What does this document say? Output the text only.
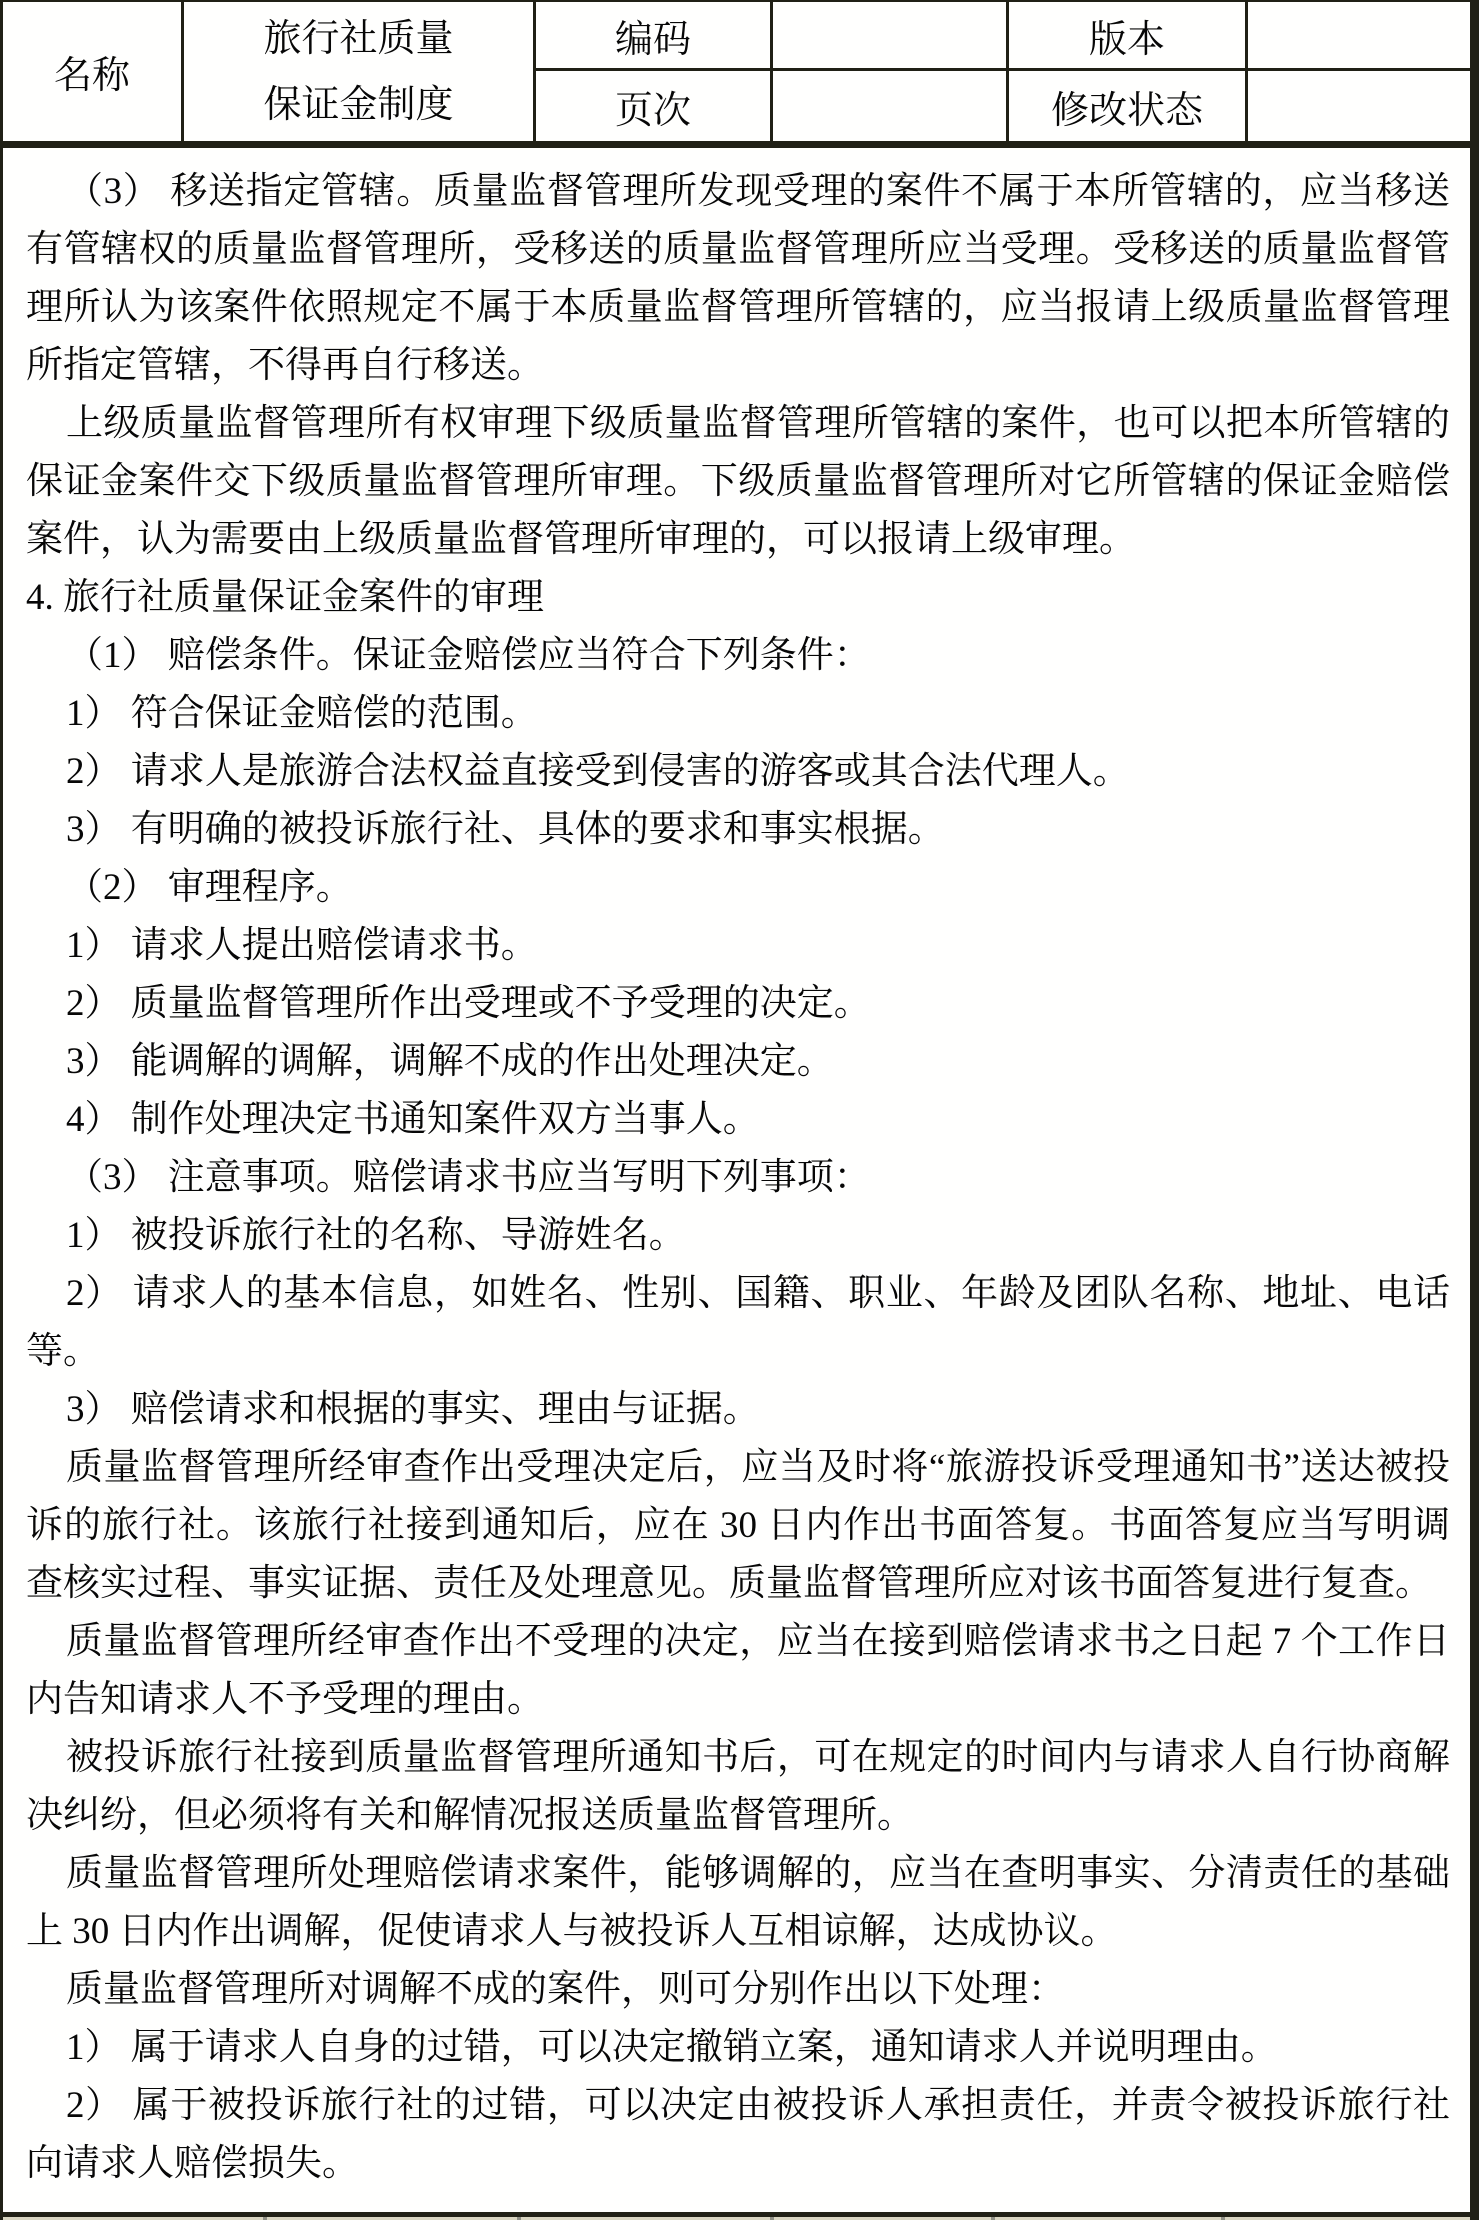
名称
旅行社质量
保证金制度
编码	版本
页次	修改状态

（3） 移送指定管辖。质量监督管理所发现受理的案件不属于本所管辖的，应当移送有管辖权的质量监督管理所，受移送的质量监督管理所应当受理。受移送的质量监督管理所认为该案件依照规定不属于本质量监督管理所管辖的，应当报请上级质量监督管理所指定管辖，不得再自行移送。

上级质量监督管理所有权审理下级质量监督管理所管辖的案件，也可以把本所管辖的保证金案件交下级质量监督管理所审理。下级质量监督管理所对它所管辖的保证金赔偿案件，认为需要由上级质量监督管理所审理的，可以报请上级审理。

4. 旅行社质量保证金案件的审理

（1） 赔偿条件。保证金赔偿应当符合下列条件：

1） 符合保证金赔偿的范围。

2） 请求人是旅游合法权益直接受到侵害的游客或其合法代理人。

3） 有明确的被投诉旅行社、具体的要求和事实根据。

（2） 审理程序。

1） 请求人提出赔偿请求书。

2） 质量监督管理所作出受理或不予受理的决定。

3） 能调解的调解，调解不成的作出处理决定。

4） 制作处理决定书通知案件双方当事人。

（3） 注意事项。赔偿请求书应当写明下列事项：

1） 被投诉旅行社的名称、导游姓名。

2） 请求人的基本信息，如姓名、性别、国籍、职业、年龄及团队名称、地址、电话等。

3） 赔偿请求和根据的事实、理由与证据。

质量监督管理所经审查作出受理决定后，应当及时将“旅游投诉受理通知书”送达被投诉的旅行社。该旅行社接到通知后，应在 30 日内作出书面答复。书面答复应当写明调查核实过程、事实证据、责任及处理意见。质量监督管理所应对该书面答复进行复查。

质量监督管理所经审查作出不受理的决定，应当在接到赔偿请求书之日起 7 个工作日内告知请求人不予受理的理由。

被投诉旅行社接到质量监督管理所通知书后，可在规定的时间内与请求人自行协商解决纠纷，但必须将有关和解情况报送质量监督管理所。

质量监督管理所处理赔偿请求案件，能够调解的，应当在查明事实、分清责任的基础上 30 日内作出调解，促使请求人与被投诉人互相谅解，达成协议。

质量监督管理所对调解不成的案件，则可分别作出以下处理：

1） 属于请求人自身的过错，可以决定撤销立案，通知请求人并说明理由。

2） 属于被投诉旅行社的过错，可以决定由被投诉人承担责任，并责令被投诉旅行社向请求人赔偿损失。
